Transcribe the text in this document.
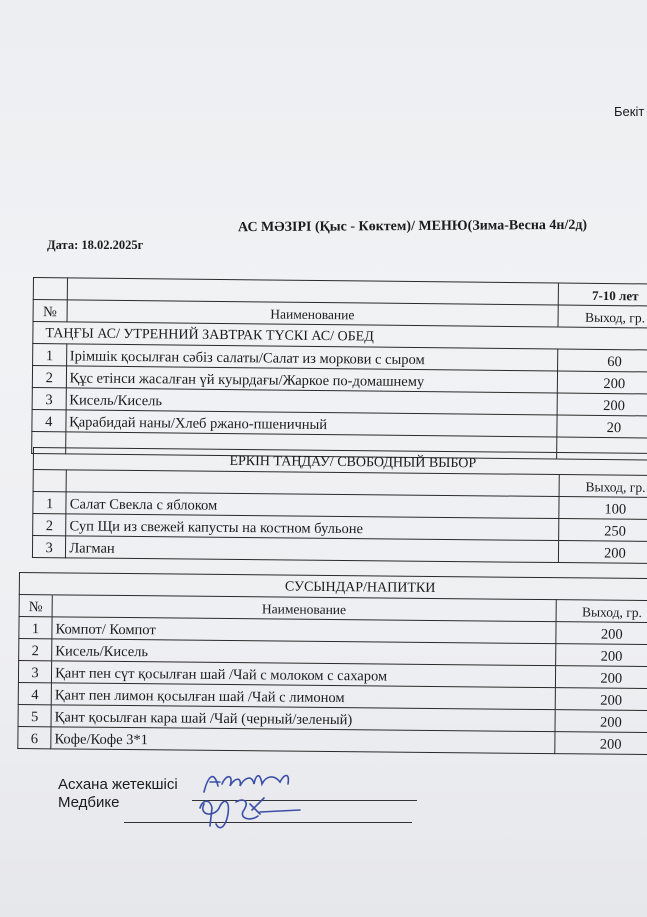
Бекіт
АС МӘЗІРІ (Қыс - Көктем)/ МЕНЮ(Зима-Весна 4н/2д)
Дата: 18.02.2025г
		7-10 лет
№	Наименование	Выход, гр.
ТАҢҒЫ АС/ УТРЕННИЙ ЗАВТРАК ТҮСКІ АС/ ОБЕД		
1	Ірімшік қосылған сәбіз салаты/Салат из моркови с сыром	60
2	Құс етінси жасалған үй куырдағы/Жаркое по-домашнему	200
3	Кисель/Кисель	200
4	Қарабидай наны/Хлеб ржано-пшеничный	20

ЕРКІН ТАҢДАУ/ СВОБОДНЫЙ ВЫБОР		
		Выход, гр.
1	Салат Свекла с яблоком	100
2	Суп Щи из свежей капусты на костном бульоне	250
3	Лагман	200
	СУСЫНДАР/НАПИТКИ	
№	Наименование	Выход, гр.
1	Компот/ Компот	200
2	Кисель/Кисель	200
3	Қант пен сүт қосылған шай /Чай с молоком с сахаром	200
4	Қант пен лимон қосылған шай /Чай с лимоном	200
5	Қант қосылған кара шай /Чай (черный/зеленый)	200
6	Кофе/Кофе 3*1	200
Асхана жетекшісі
Медбике
